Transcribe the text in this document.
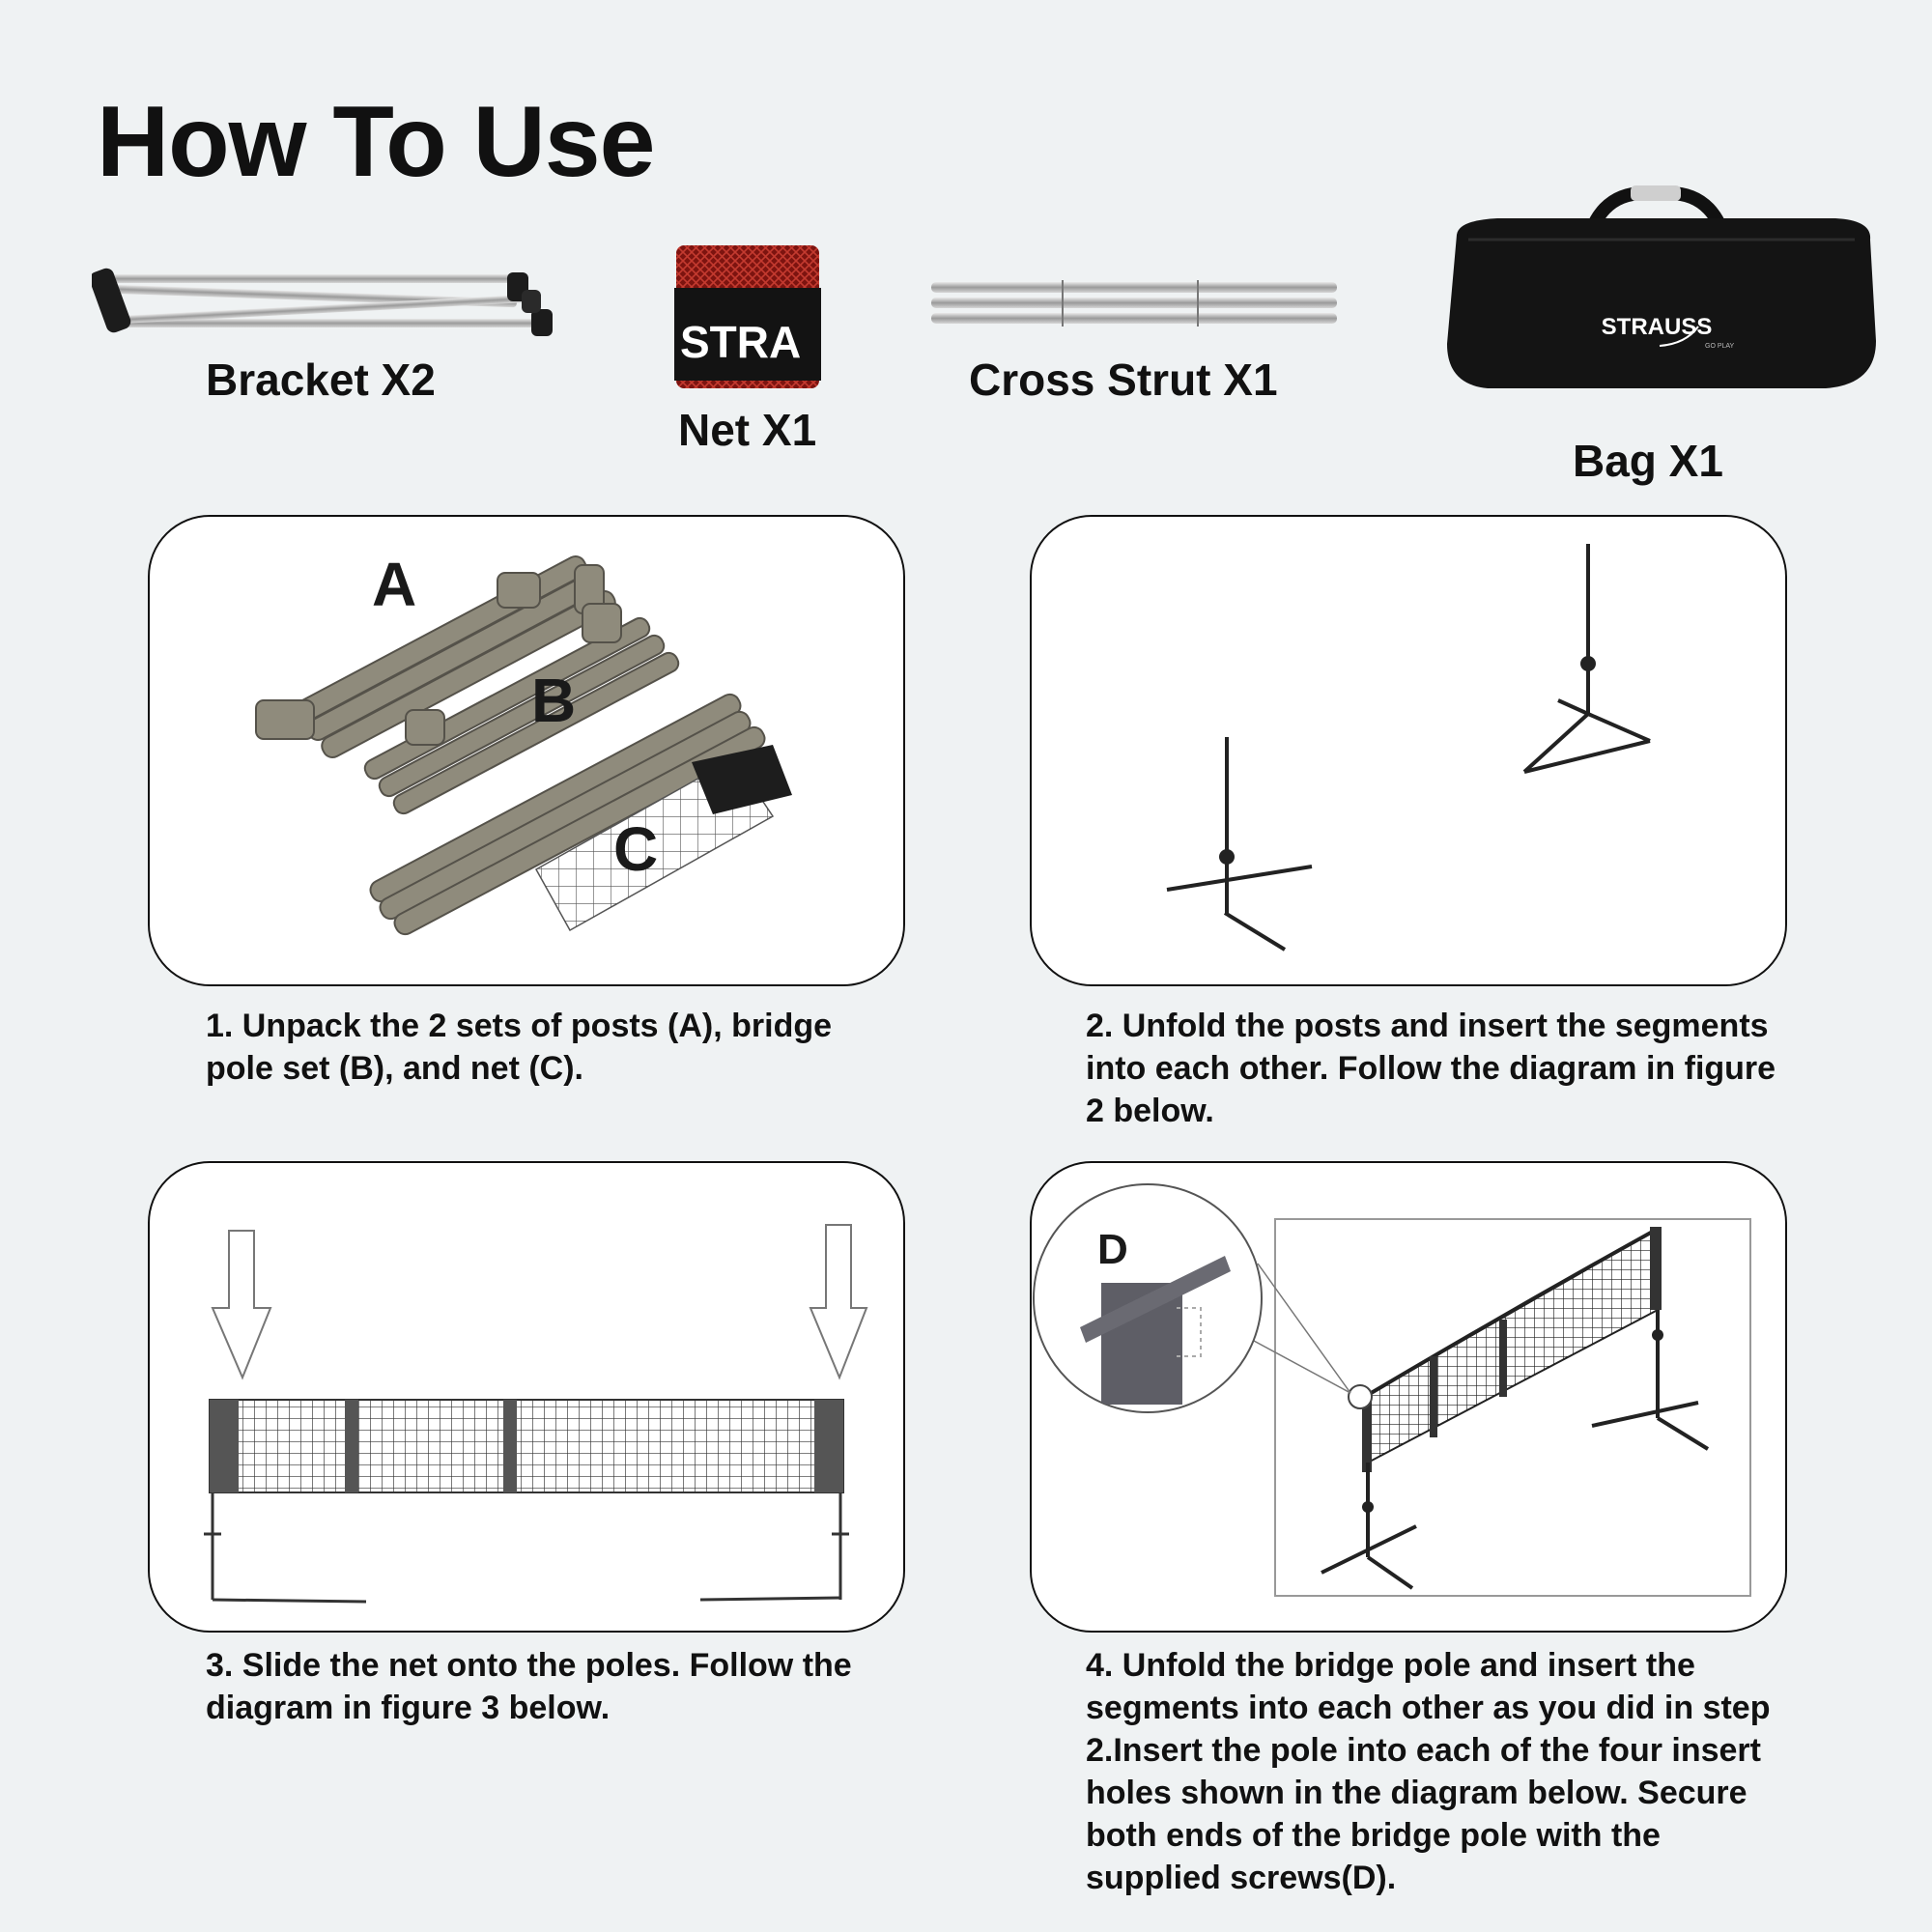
How To Use
Bracket X2
STRA
Net X1
Cross Strut X1
STRAUSS
GO PLAY
Bag X1
A
B
C

1. Unpack the 2 sets of posts (A), bridge pole set (B), and net (C).

2. Unfold the posts and insert the segments into each other. Follow the diagram in figure 2 below.

3. Slide the net onto the poles. Follow the diagram in figure 3 below.

D

4. Unfold the bridge pole and insert the segments into each other as you did in step 2.Insert the pole into each of the four insert holes shown in the diagram below. Secure both ends of the bridge pole with the supplied screws(D).
